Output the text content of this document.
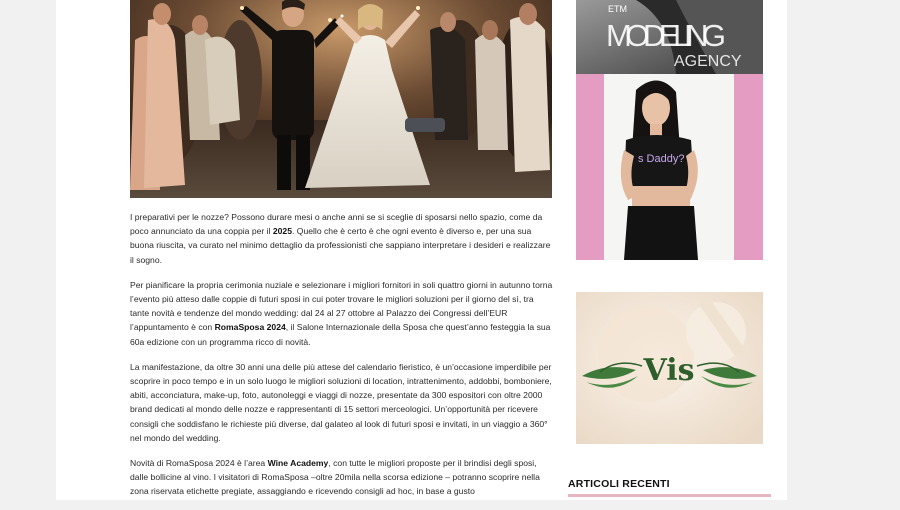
I preparativi per le nozze? Possono durare mesi o anche anni se si sceglie di sposarsi nello spazio, come da poco annunciato da una coppia per il 2025. Quello che è certo è che ogni evento è diverso e, per una sua buona riuscita, va curato nel minimo dettaglio da professionisti che sappiano interpretare i desideri e realizzare il sogno.

Per pianificare la propria cerimonia nuziale e selezionare i migliori fornitori in soli quattro giorni in autunno torna l’evento più atteso dalle coppie di futuri sposi in cui poter trovare le migliori soluzioni per il giorno del sì, tra tante novità e tendenze del mondo wedding: dal 24 al 27 ottobre al Palazzo dei Congressi dell’EUR l’appuntamento è con RomaSposa 2024, il Salone Internazionale della Sposa che quest’anno festeggia la sua 60a edizione con un programma ricco di novità.

La manifestazione, da oltre 30 anni una delle più attese del calendario fieristico, è un’occasione imperdibile per scoprire in poco tempo e in un solo luogo le migliori soluzioni di location, intrattenimento, addobbi, bomboniere, abiti, acconciatura, make-up, foto, autonoleggi e viaggi di nozze, presentate da 300 espositori con oltre 2000 brand dedicati al mondo delle nozze e rappresentanti di 15 settori merceologici. Un’opportunità per ricevere consigli che soddisfano le richieste più diverse, dal galateo al look di futuri sposi e invitati, in un viaggio a 360° nel mondo del wedding.

Novità di RomaSposa 2024 è l’area Wine Academy, con tutte le migliori proposte per il brindisi degli sposi, dalle bollicine al vino. I visitatori di RomaSposa –oltre 20mila nella scorsa edizione – potranno scoprire nella zona riservata etichette pregiate, assaggiando e ricevendo consigli ad hoc, in base a gusto

ETM
MODELING
AGENCY
s Daddy?
Vis
ARTICOLI RECENTI
